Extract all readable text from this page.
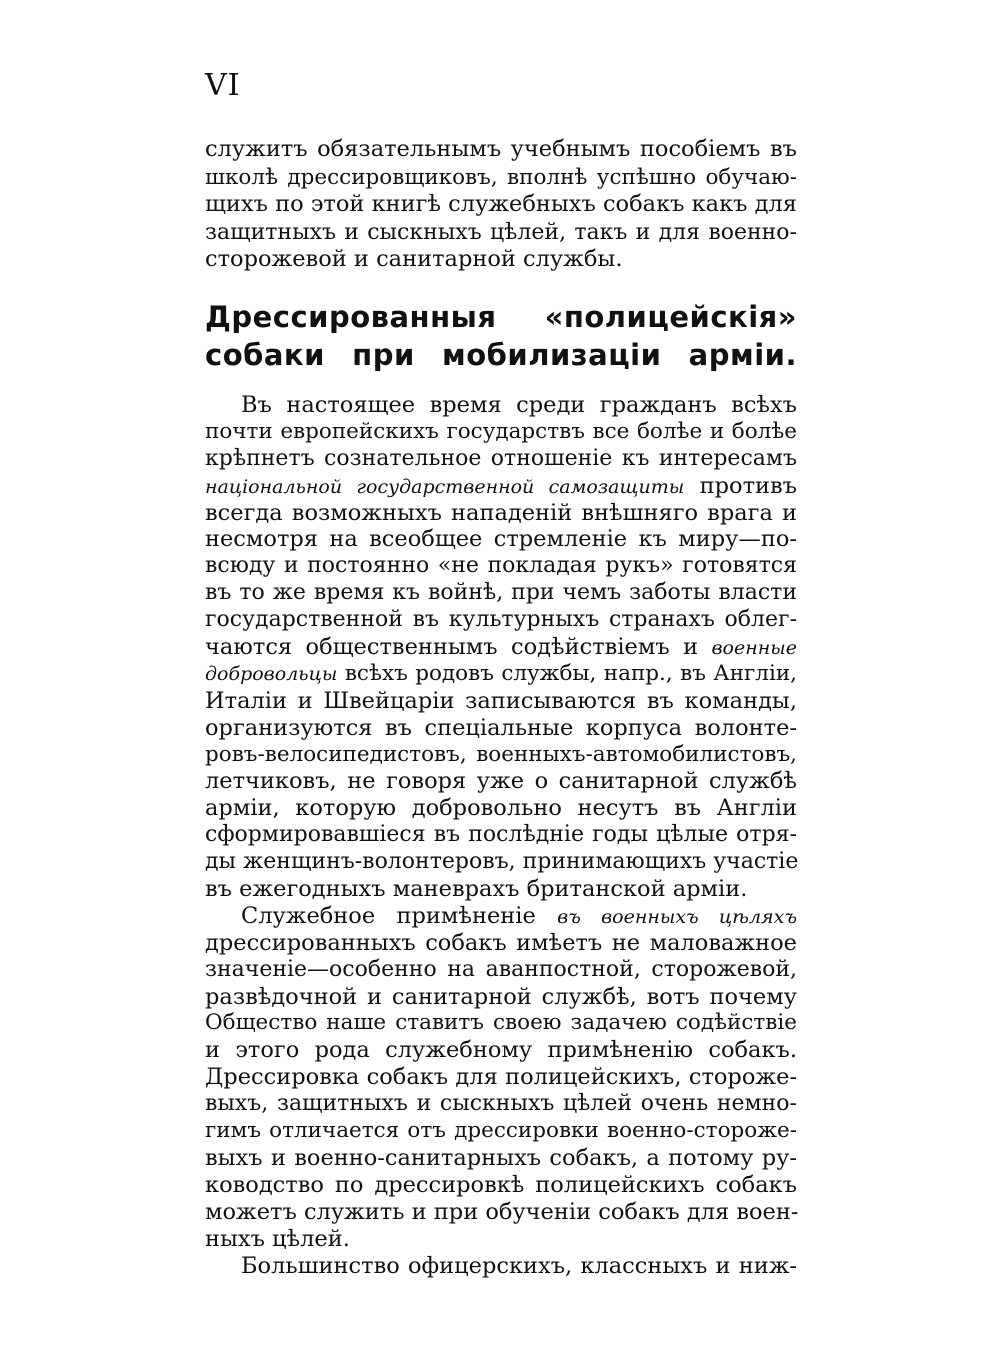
VI
служитъ обязательнымъ учебнымъ пособіемъ въ
школѣ дрессировщиковъ, вполнѣ успѣшно обучаю-
щихъ по этой книгѣ служебныхъ собакъ какъ для
защитныхъ и сыскныхъ цѣлей, такъ и для военно-
сторожевой и санитарной службы.
Дрессированныя «полицейскія»
собаки при мобилизаціи арміи.
Въ настоящее время среди гражданъ всѣхъ
почти европейскихъ государствъ все болѣе и болѣе
крѣпнетъ сознательное отношеніе къ интересамъ
національной государственной самозащиты противъ
всегда возможныхъ нападеній внѣшняго врага и
несмотря на всеобщее стремленіе къ миру—по-
всюду и постоянно «не покладая рукъ» готовятся
въ то же время къ войнѣ, при чемъ заботы власти
государственной въ культурныхъ странахъ облег-
чаются общественнымъ содѣйствіемъ и военные
добровольцы всѣхъ родовъ службы, напр., въ Англіи,
Италіи и Швейцаріи записываются въ команды,
организуются въ спеціальные корпуса волонте-
ровъ-велосипедистовъ, военныхъ-автомобилистовъ,
летчиковъ, не говоря уже о санитарной службѣ
арміи, которую добровольно несутъ въ Англіи
сформировавшіеся въ послѣдніе годы цѣлые отря-
ды женщинъ-волонтеровъ, принимающихъ участіе
въ ежегодныхъ маневрахъ британской арміи.
Служебное примѣненіе въ военныхъ цѣляхъ
дрессированныхъ собакъ имѣетъ не маловажное
значеніе—особенно на аванпостной, сторожевой,
развѣдочной и санитарной службѣ, вотъ почему
Общество наше ставитъ своею задачею содѣйствіе
и этого рода служебному примѣненію собакъ.
Дрессировка собакъ для полицейскихъ, стороже-
выхъ, защитныхъ и сыскныхъ цѣлей очень немно-
гимъ отличается отъ дрессировки военно-стороже-
выхъ и военно-санитарныхъ собакъ, а потому ру-
ководство по дрессировкѣ полицейскихъ собакъ
можетъ служить и при обученіи собакъ для воен-
ныхъ цѣлей.
Большинство офицерскихъ, классныхъ и ниж-
